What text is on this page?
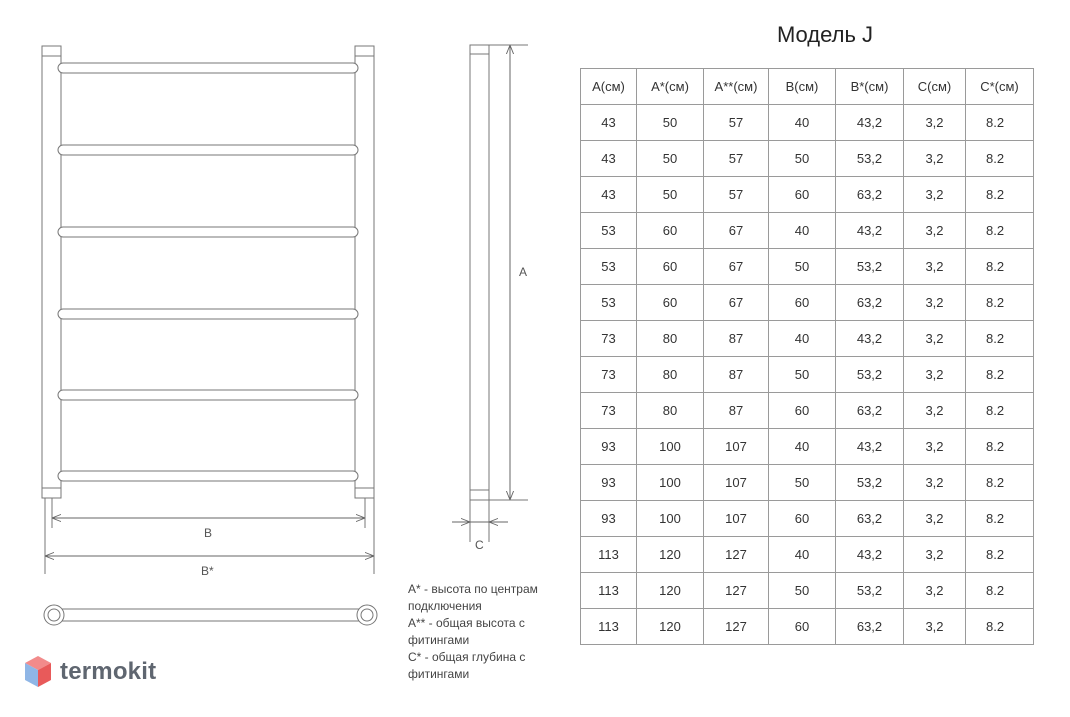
B
B*
A
C
Модель J
A(см)	A*(см)	A**(см)	B(см)	B*(см)	C(см)	C*(см)
43	50	57	40	43,2	3,2	8.2
43	50	57	50	53,2	3,2	8.2
43	50	57	60	63,2	3,2	8.2
53	60	67	40	43,2	3,2	8.2
53	60	67	50	53,2	3,2	8.2
53	60	67	60	63,2	3,2	8.2
73	80	87	40	43,2	3,2	8.2
73	80	87	50	53,2	3,2	8.2
73	80	87	60	63,2	3,2	8.2
93	100	107	40	43,2	3,2	8.2
93	100	107	50	53,2	3,2	8.2
93	100	107	60	63,2	3,2	8.2
113	120	127	40	43,2	3,2	8.2
113	120	127	50	53,2	3,2	8.2
113	120	127	60	63,2	3,2	8.2
A* - высота по центрам
подключения
A** - общая высота с
фитингами
C* - общая глубина с
фитингами
termokit
